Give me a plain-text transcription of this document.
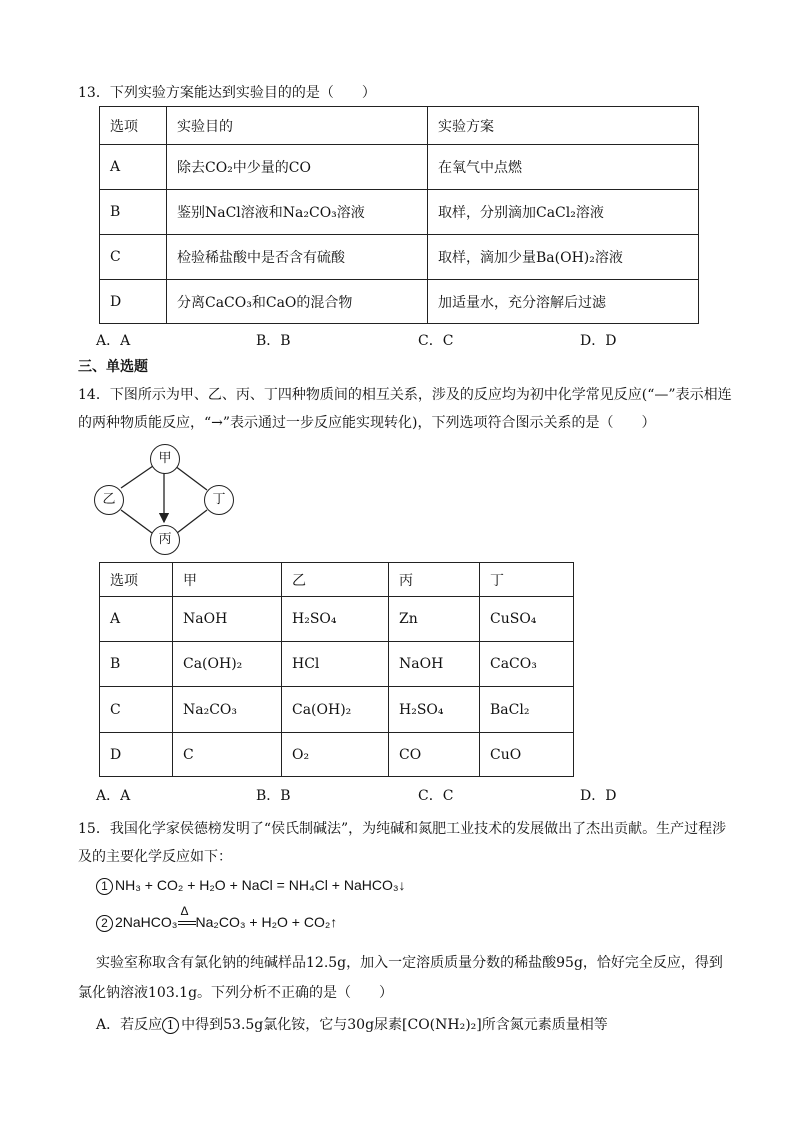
13．下列实验方案能达到实验目的的是（　　）
选项	实验目的	实验方案
A	除去CO₂中少量的CO	在氧气中点燃
B	鉴别NaCl溶液和Na₂CO₃溶液	取样，分别滴加CaCl₂溶液
C	检验稀盐酸中是否含有硫酸	取样，滴加少量Ba(OH)₂溶液
D	分离CaCO₃和CaO的混合物	加适量水，充分溶解后过滤
A．A	B．B	C．C	D．D
三、单选题
14．下图所示为甲、乙、丙、丁四种物质间的相互关系，涉及的反应均为初中化学常见反应(“—”表示相连
的两种物质能反应，“→”表示通过一步反应能实现转化)，下列选项符合图示关系的是（　　）
甲
乙	丁
丙
选项	甲	乙	丙	丁
A	NaOH	H₂SO₄	Zn	CuSO₄
B	Ca(OH)₂	HCl	NaOH	CaCO₃
C	Na₂CO₃	Ca(OH)₂	H₂SO₄	BaCl₂
D	C	O₂	CO	CuO
A．A	B．B	C．C	D．D
15．我国化学家侯德榜发明了“侯氏制碱法”，为纯碱和氮肥工业技术的发展做出了杰出贡献。生产过程涉
及的主要化学反应如下：
1 NH₃ + CO₂ + H₂O + NaCl = NH₄Cl + NaHCO₃↓
2 2NaHCO₃
Δ
Na₂CO₃ + H₂O + CO₂↑
实验室称取含有氯化钠的纯碱样品12.5g，加入一定溶质质量分数的稀盐酸95g，恰好完全反应，得到
氯化钠溶液103.1g。下列分析不正确的是（　　）
A．若反应 1 中得到53.5g氯化铵，它与30g尿素[CO(NH₂)₂]所含氮元素质量相等
